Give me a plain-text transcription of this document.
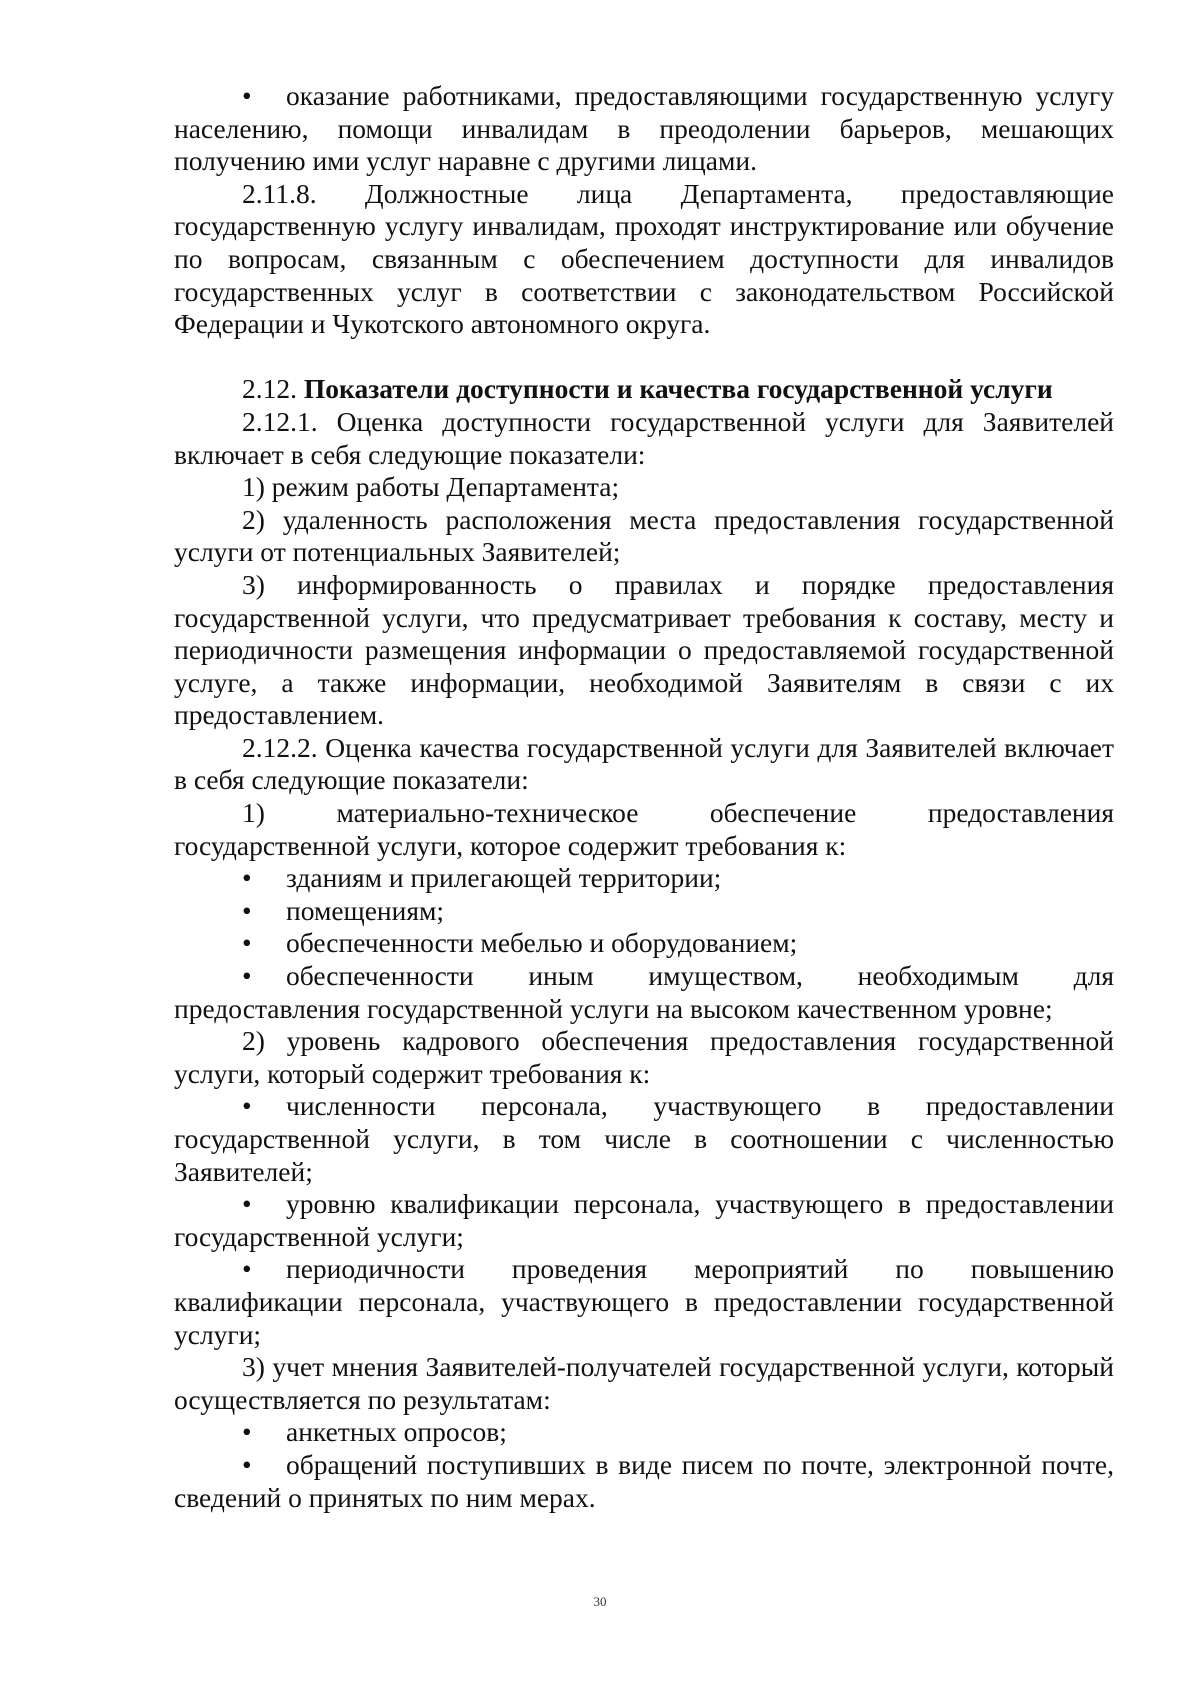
• оказание работниками, предоставляющими государственную услугу населению, помощи инвалидам в преодолении барьеров, мешающих получению ими услуг наравне с другими лицами.

2.11.8. Должностные лица Департамента, предоставляющие государственную услугу инвалидам, проходят инструктирование или обучение по вопросам, связанным с обеспечением доступности для инвалидов государственных услуг в соответствии с законодательством Российской Федерации и Чукотского автономного округа.

2.12. Показатели доступности и качества государственной услуги

2.12.1. Оценка доступности государственной услуги для Заявителей включает в себя следующие показатели:

1) режим работы Департамента;

2) удаленность расположения места предоставления государственной услуги от потенциальных Заявителей;

3) информированность о правилах и порядке предоставления государственной услуги, что предусматривает требования к составу, месту и периодичности размещения информации о предоставляемой государственной услуге, а также информации, необходимой Заявителям в связи с их предоставлением.

2.12.2. Оценка качества государственной услуги для Заявителей включает в себя следующие показатели:

1) материально-техническое обеспечение предоставления государственной услуги, которое содержит требования к:

• зданиям и прилегающей территории;

• помещениям;

• обеспеченности мебелью и оборудованием;

• обеспеченности иным имуществом, необходимым для предоставления государственной услуги на высоком качественном уровне;

2) уровень кадрового обеспечения предоставления государственной услуги, который содержит требования к:

• численности персонала, участвующего в предоставлении государственной услуги, в том числе в соотношении с численностью Заявителей;

• уровню квалификации персонала, участвующего в предоставлении государственной услуги;

• периодичности проведения мероприятий по повышению квалификации персонала, участвующего в предоставлении государственной услуги;

3) учет мнения Заявителей-получателей государственной услуги, который осуществляется по результатам:

• анкетных опросов;

• обращений поступивших в виде писем по почте, электронной почте, сведений о принятых по ним мерах.

30
